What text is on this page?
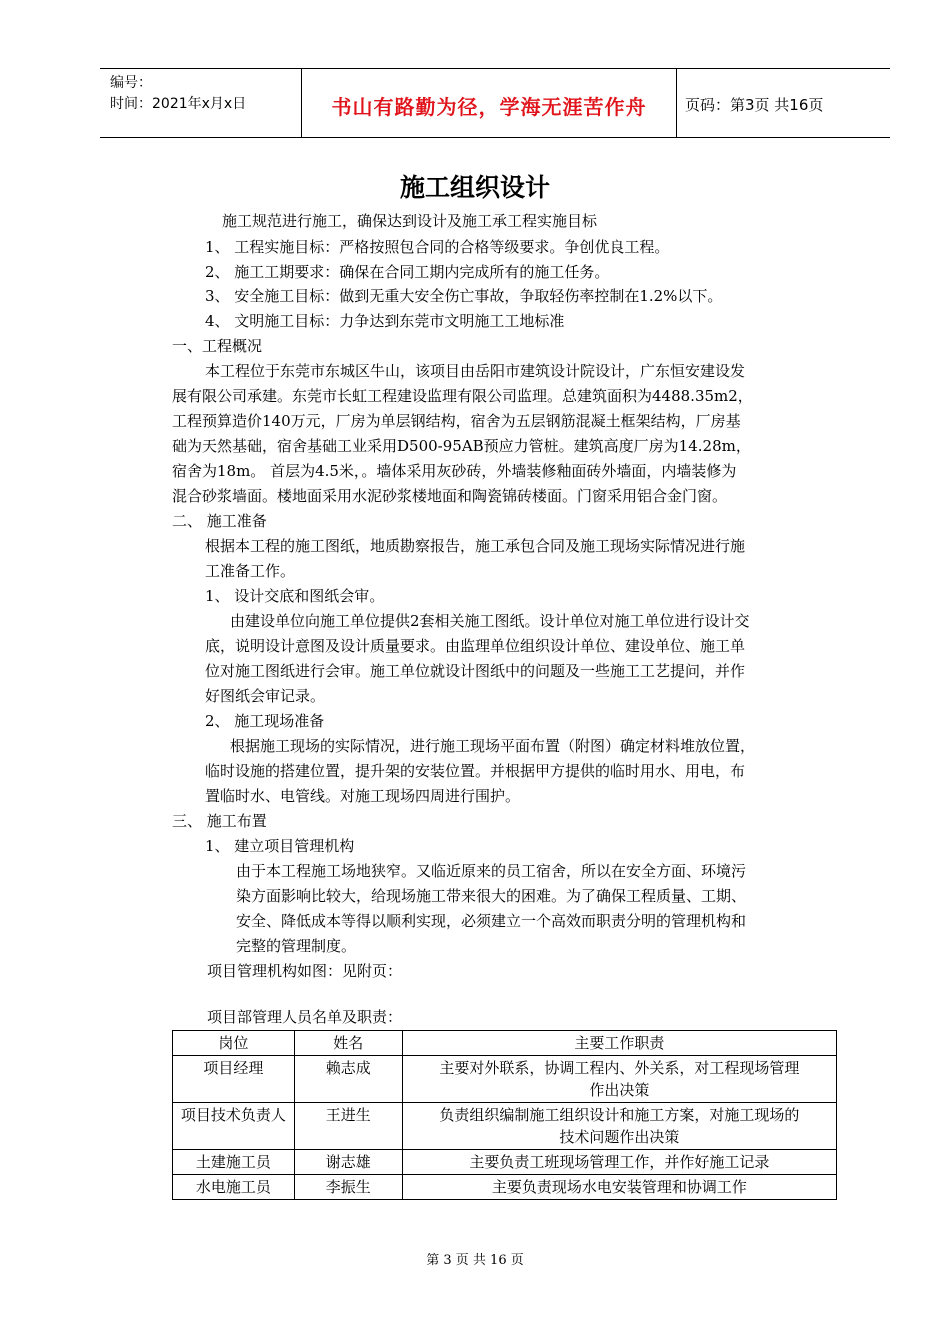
编号：
时间：2021年x月x日	书山有路勤为径，学海无涯苦作舟	页码：第3页 共16页
施工组织设计
施工规范进行施工，确保达到设计及施工承工程实施目标
1、 工程实施目标：严格按照包合同的合格等级要求。争创优良工程。
2、 施工工期要求：确保在合同工期内完成所有的施工任务。
3、 安全施工目标：做到无重大安全伤亡事故，争取轻伤率控制在1.2%以下。
4、 文明施工目标：力争达到东莞市文明施工工地标准
一、工程概况
本工程位于东莞市东城区牛山，该项目由岳阳市建筑设计院设计，广东恒安建设发
展有限公司承建。东莞市长虹工程建设监理有限公司监理。总建筑面积为4488.35m2，
工程预算造价140万元，厂房为单层钢结构，宿舍为五层钢筋混凝土框架结构，厂房基
础为天然基础，宿舍基础工业采用D500-95AB预应力管桩。建筑高度厂房为14.28m，
宿舍为18m。 首层为4.5米，。墙体采用灰砂砖，外墙装修釉面砖外墙面，内墙装修为
混合砂浆墙面。楼地面采用水泥砂浆楼地面和陶瓷锦砖楼面。门窗采用铝合金门窗。
二、 施工准备
根据本工程的施工图纸，地质勘察报告，施工承包合同及施工现场实际情况进行施
工准备工作。
1、 设计交底和图纸会审。
由建设单位向施工单位提供2套相关施工图纸。设计单位对施工单位进行设计交
底，说明设计意图及设计质量要求。由监理单位组织设计单位、建设单位、施工单
位对施工图纸进行会审。施工单位就设计图纸中的问题及一些施工工艺提问，并作
好图纸会审记录。
2、 施工现场准备
根据施工现场的实际情况，进行施工现场平面布置（附图）确定材料堆放位置，
临时设施的搭建位置，提升架的安装位置。并根据甲方提供的临时用水、用电，布
置临时水、电管线。对施工现场四周进行围护。
三、 施工布置
1、 建立项目管理机构
由于本工程施工场地狭窄。又临近原来的员工宿舍，所以在安全方面、环境污
染方面影响比较大，给现场施工带来很大的困难。为了确保工程质量、工期、
安全、降低成本等得以顺利实现，必须建立一个高效而职责分明的管理机构和
完整的管理制度。
项目管理机构如图：见附页：
项目部管理人员名单及职责：
岗位	姓名	主要工作职责
项目经理	赖志成	主要对外联系，协调工程内、外关系，对工程现场管理
作出决策

项目技术负责人	王进生	负责组织编制施工组织设计和施工方案，对施工现场的
技术问题作出决策

土建施工员	谢志雄	主要负责工班现场管理工作，并作好施工记录
水电施工员	李振生	主要负责现场水电安装管理和协调工作
第 3 页 共 16 页
